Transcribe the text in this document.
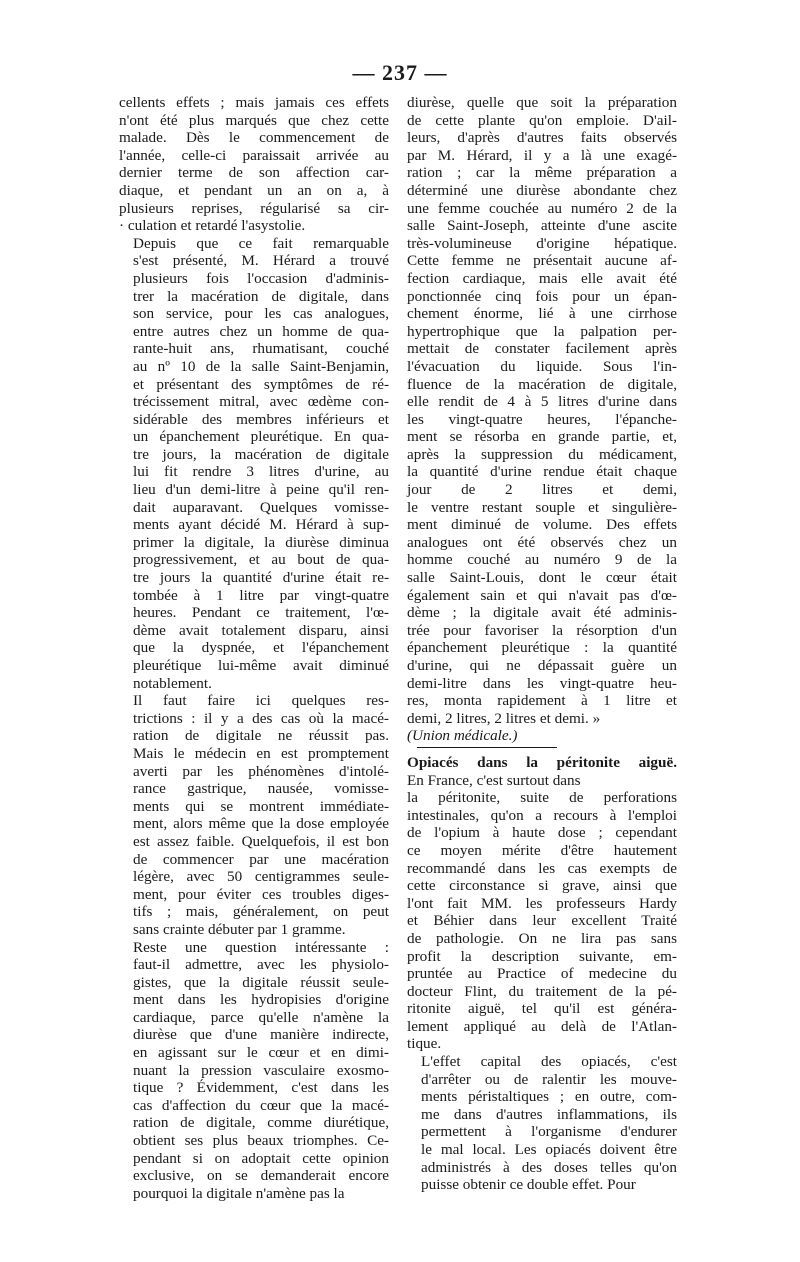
— 237 —

cellents effets ; mais jamais ces effets
n'ont été plus marqués que chez cette
malade. Dès le commencement de
l'année, celle-ci paraissait arrivée au
dernier terme de son affection car-
diaque, et pendant un an on a, à
plusieurs reprises, régularisé sa cir-
· culation et retardé l'asystolie.

Depuis que ce fait remarquable
s'est présenté, M. Hérard a trouvé
plusieurs fois l'occasion d'adminis-
trer la macération de digitale, dans
son service, pour les cas analogues,
entre autres chez un homme de qua-
rante-huit ans, rhumatisant, couché
au nº 10 de la salle Saint-Benjamin,
et présentant des symptômes de ré-
trécissement mitral, avec œdème con-
sidérable des membres inférieurs et
un épanchement pleurétique. En qua-
tre jours, la macération de digitale
lui fit rendre 3 litres d'urine, au
lieu d'un demi-litre à peine qu'il ren-
dait auparavant. Quelques vomisse-
ments ayant décidé M. Hérard à sup-
primer la digitale, la diurèse diminua
progressivement, et au bout de qua-
tre jours la quantité d'urine était re-
tombée à 1 litre par vingt-quatre
heures. Pendant ce traitement, l'œ-
dème avait totalement disparu, ainsi
que la dyspnée, et l'épanchement
pleurétique lui-même avait diminué
notablement.

Il faut faire ici quelques res-
trictions : il y a des cas où la macé-
ration de digitale ne réussit pas.
Mais le médecin en est promptement
averti par les phénomènes d'intolé-
rance gastrique, nausée, vomisse-
ments qui se montrent immédiate-
ment, alors même que la dose employée
est assez faible. Quelquefois, il est bon
de commencer par une macération
légère, avec 50 centigrammes seule-
ment, pour éviter ces troubles diges-
tifs ; mais, généralement, on peut
sans crainte débuter par 1 gramme.

Reste une question intéressante :
faut-il admettre, avec les physiolo-
gistes, que la digitale réussit seule-
ment dans les hydropisies d'origine
cardiaque, parce qu'elle n'amène la
diurèse que d'une manière indirecte,
en agissant sur le cœur et en dimi-
nuant la pression vasculaire exosmo-
tique ? Évidemment, c'est dans les
cas d'affection du cœur que la macé-
ration de digitale, comme diurétique,
obtient ses plus beaux triomphes. Ce-
pendant si on adoptait cette opinion
exclusive, on se demanderait encore
pourquoi la digitale n'amène pas la

diurèse, quelle que soit la préparation
de cette plante qu'on emploie. D'ail-
leurs, d'après d'autres faits observés
par M. Hérard, il y a là une exagé-
ration ; car la même préparation a
déterminé une diurèse abondante chez
une femme couchée au numéro 2 de la
salle Saint-Joseph, atteinte d'une ascite
très-volumineuse d'origine hépatique.
Cette femme ne présentait aucune af-
fection cardiaque, mais elle avait été
ponctionnée cinq fois pour un épan-
chement énorme, lié à une cirrhose
hypertrophique que la palpation per-
mettait de constater facilement après
l'évacuation du liquide. Sous l'in-
fluence de la macération de digitale,
elle rendit de 4 à 5 litres d'urine dans
les vingt-quatre heures, l'épanche-
ment se résorba en grande partie, et,
après la suppression du médicament,
la quantité d'urine rendue était chaque
jour de 2 litres et demi,
le ventre restant souple et singulière-
ment diminué de volume. Des effets
analogues ont été observés chez un
homme couché au numéro 9 de la
salle Saint-Louis, dont le cœur était
également sain et qui n'avait pas d'œ-
dème ; la digitale avait été adminis-
trée pour favoriser la résorption d'un
épanchement pleurétique : la quantité
d'urine, qui ne dépassait guère un
demi-litre dans les vingt-quatre heu-
res, monta rapidement à 1 litre et
demi, 2 litres, 2 litres et demi. »

(Union médicale.)

Opiacés dans la péritonite aiguë. En France, c'est surtout dans

la péritonite, suite de perforations
intestinales, qu'on a recours à l'emploi
de l'opium à haute dose ; cependant
ce moyen mérite d'être hautement
recommandé dans les cas exempts de
cette circonstance si grave, ainsi que
l'ont fait MM. les professeurs Hardy
et Béhier dans leur excellent Traité
de pathologie. On ne lira pas sans
profit la description suivante, em-
pruntée au Practice of medecine du
docteur Flint, du traitement de la pé-
ritonite aiguë, tel qu'il est généra-
lement appliqué au delà de l'Atlan-
tique.

L'effet capital des opiacés, c'est
d'arrêter ou de ralentir les mouve-
ments péristaltiques ; en outre, com-
me dans d'autres inflammations, ils
permettent à l'organisme d'endurer
le mal local. Les opiacés doivent être
administrés à des doses telles qu'on
puisse obtenir ce double effet. Pour
